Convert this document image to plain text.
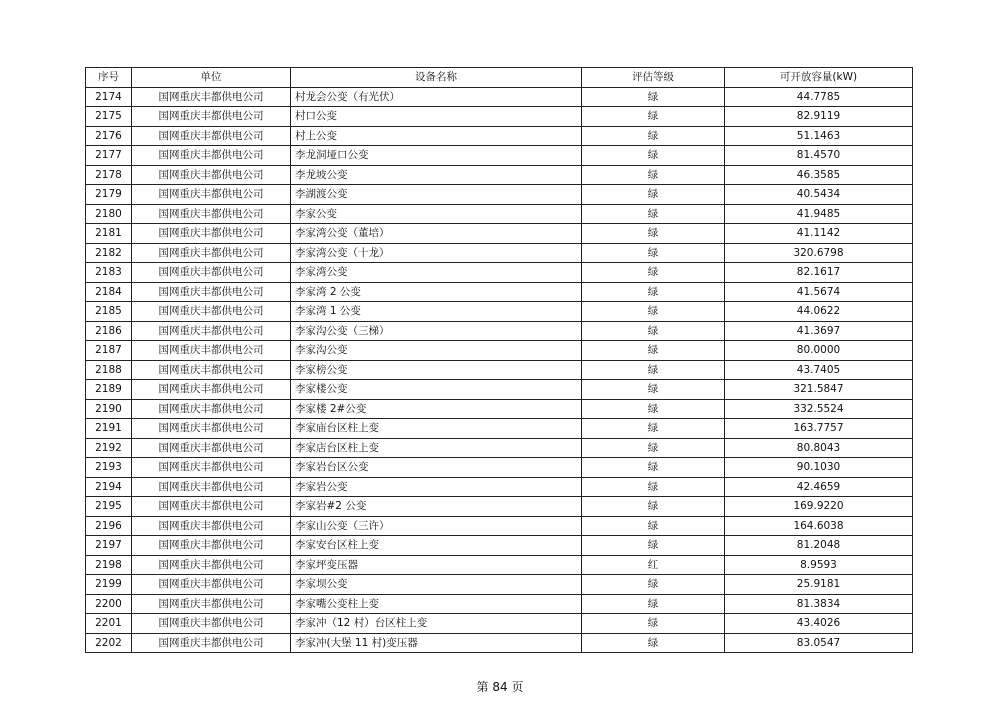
序号	单位	设备名称	评估等级	可开放容量(kW)
2174	国网重庆丰都供电公司	村龙会公变（有光伏）	绿	44.7785
2175	国网重庆丰都供电公司	村口公变	绿	82.9119
2176	国网重庆丰都供电公司	村上公变	绿	51.1463
2177	国网重庆丰都供电公司	李龙洞垭口公变	绿	81.4570
2178	国网重庆丰都供电公司	李龙坡公变	绿	46.3585
2179	国网重庆丰都供电公司	李湖渡公变	绿	40.5434
2180	国网重庆丰都供电公司	李家公变	绿	41.9485
2181	国网重庆丰都供电公司	李家湾公变（董培）	绿	41.1142
2182	国网重庆丰都供电公司	李家湾公变（十龙）	绿	320.6798
2183	国网重庆丰都供电公司	李家湾公变	绿	82.1617
2184	国网重庆丰都供电公司	李家湾 2 公变	绿	41.5674
2185	国网重庆丰都供电公司	李家湾 1 公变	绿	44.0622
2186	国网重庆丰都供电公司	李家沟公变（三梯）	绿	41.3697
2187	国网重庆丰都供电公司	李家沟公变	绿	80.0000
2188	国网重庆丰都供电公司	李家榜公变	绿	43.7405
2189	国网重庆丰都供电公司	李家楼公变	绿	321.5847
2190	国网重庆丰都供电公司	李家楼 2#公变	绿	332.5524
2191	国网重庆丰都供电公司	李家庙台区柱上变	绿	163.7757
2192	国网重庆丰都供电公司	李家店台区柱上变	绿	80.8043
2193	国网重庆丰都供电公司	李家岩台区公变	绿	90.1030
2194	国网重庆丰都供电公司	李家岩公变	绿	42.4659
2195	国网重庆丰都供电公司	李家岩#2 公变	绿	169.9220
2196	国网重庆丰都供电公司	李家山公变（三许）	绿	164.6038
2197	国网重庆丰都供电公司	李家安台区柱上变	绿	81.2048
2198	国网重庆丰都供电公司	李家坪变压器	红	8.9593
2199	国网重庆丰都供电公司	李家坝公变	绿	25.9181
2200	国网重庆丰都供电公司	李家嘴公变柱上变	绿	81.3834
2201	国网重庆丰都供电公司	李家冲（12 村）台区柱上变	绿	43.4026
2202	国网重庆丰都供电公司	李家冲(大堡 11 村)变压器	绿	83.0547
第 84 页
